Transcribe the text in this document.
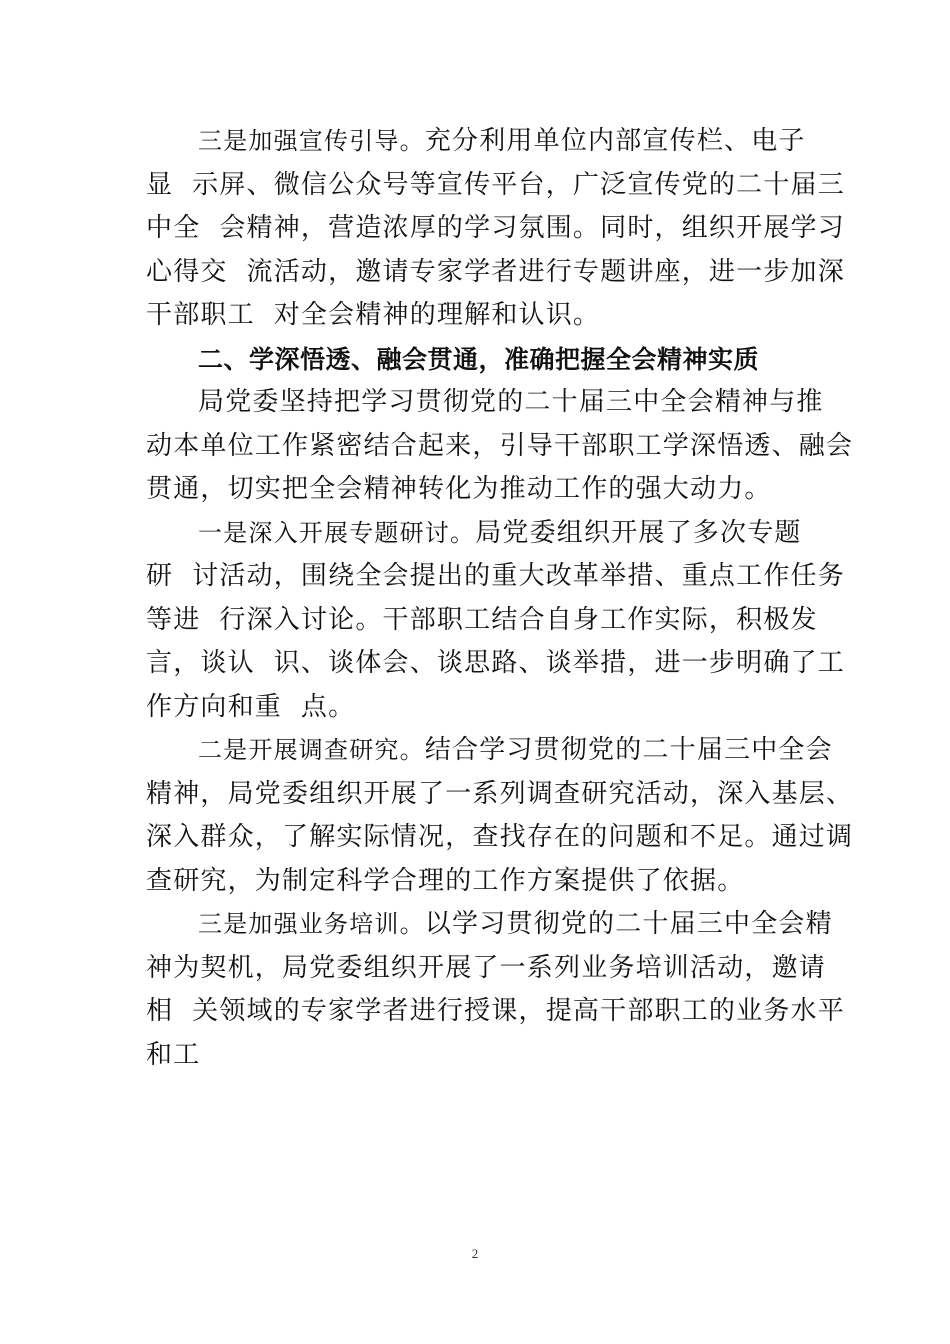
三是加强宣传引导。充分利用单位内部宣传栏、电子
显  示屏、微信公众号等宣传平台，广泛宣传党的二十届三
中全  会精神，营造浓厚的学习氛围。同时，组织开展学习
心得交  流活动，邀请专家学者进行专题讲座，进一步加深
干部职工  对全会精神的理解和认识。
二、学深悟透、融会贯通，准确把握全会精神实质
局党委坚持把学习贯彻党的二十届三中全会精神与推
动本单位工作紧密结合起来，引导干部职工学深悟透、融会
贯通，切实把全会精神转化为推动工作的强大动力。
一是深入开展专题研讨。局党委组织开展了多次专题
研  讨活动，围绕全会提出的重大改革举措、重点工作任务
等进  行深入讨论。干部职工结合自身工作实际，积极发
言，谈认  识、谈体会、谈思路、谈举措，进一步明确了工
作方向和重  点。
二是开展调查研究。结合学习贯彻党的二十届三中全会
精神，局党委组织开展了一系列调查研究活动，深入基层、
深入群众，了解实际情况，查找存在的问题和不足。通过调
查研究，为制定科学合理的工作方案提供了依据。
三是加强业务培训。以学习贯彻党的二十届三中全会精
神为契机，局党委组织开展了一系列业务培训活动，邀请
相  关领域的专家学者进行授课，提高干部职工的业务水平
和工
2
